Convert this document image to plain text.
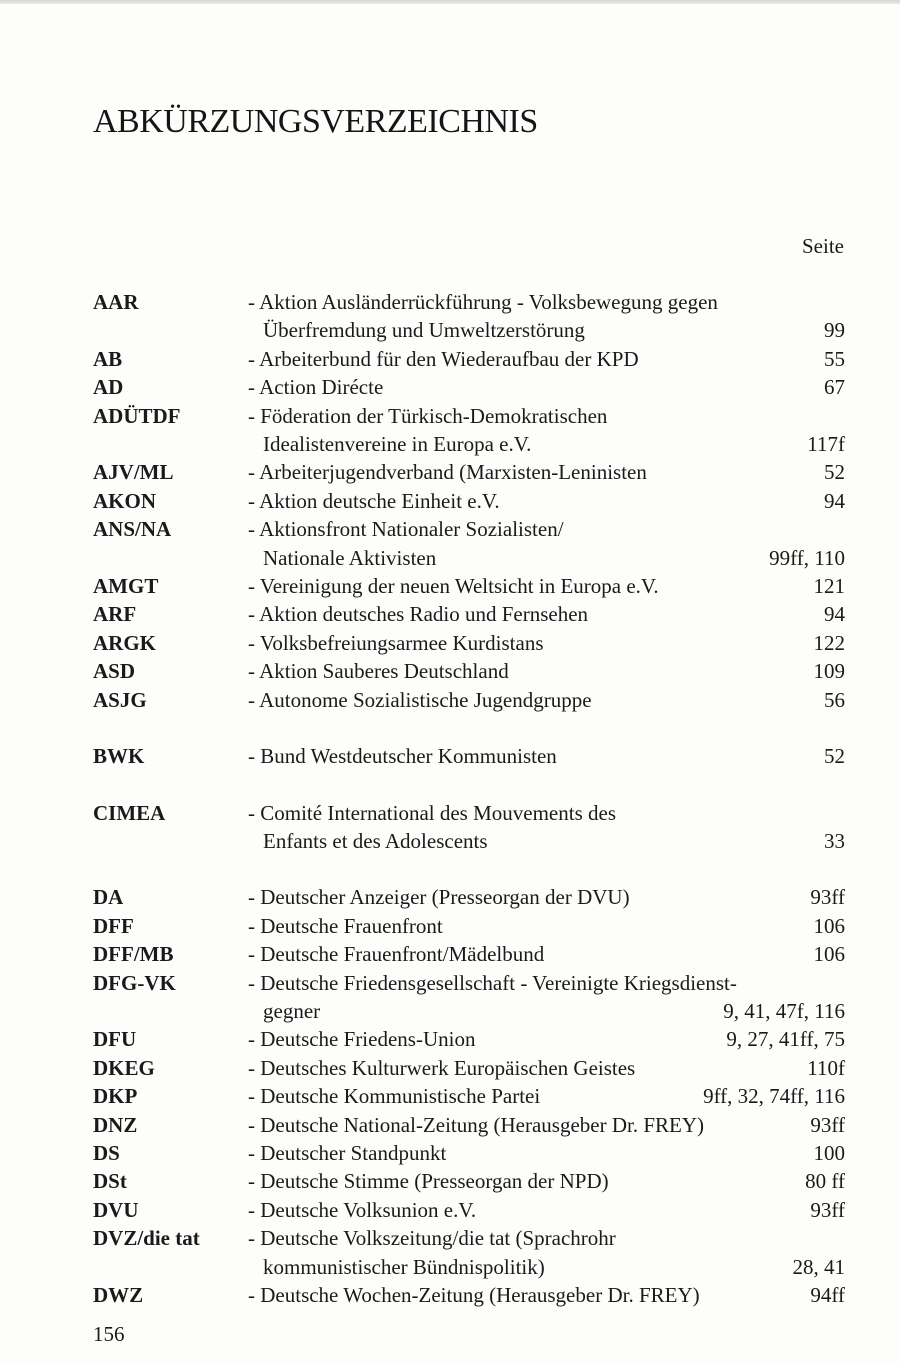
ABKÜRZUNGSVERZEICHNIS
Seite
AAR	- Aktion Ausländerrückführung - Volksbewegung gegen
Überfremdung und Umweltzerstörung	99
AB	- Arbeiterbund für den Wiederaufbau der KPD	55
AD	- Action Dirécte	67
ADÜTDF	- Föderation der Türkisch-Demokratischen
Idealistenvereine in Europa e.V.	117f
AJV/ML	- Arbeiterjugendverband (Marxisten-Leninisten	52
AKON	- Aktion deutsche Einheit e.V.	94
ANS/NA	- Aktionsfront Nationaler Sozialisten/
Nationale Aktivisten	99ff, 110
AMGT	- Vereinigung der neuen Weltsicht in Europa e.V.	121
ARF	- Aktion deutsches Radio und Fernsehen	94
ARGK	- Volksbefreiungsarmee Kurdistans	122
ASD	- Aktion Sauberes Deutschland	109
ASJG	- Autonome Sozialistische Jugendgruppe	56
BWK	- Bund Westdeutscher Kommunisten	52
CIMEA	- Comité International des Mouvements des
Enfants et des Adolescents	33
DA	- Deutscher Anzeiger (Presseorgan der DVU)	93ff
DFF	- Deutsche Frauenfront	106
DFF/MB	- Deutsche Frauenfront/Mädelbund	106
DFG-VK	- Deutsche Friedensgesellschaft - Vereinigte Kriegsdienst-
gegner	9, 41, 47f, 116
DFU	- Deutsche Friedens-Union	9, 27, 41ff, 75
DKEG	- Deutsches Kulturwerk Europäischen Geistes	110f
DKP	- Deutsche Kommunistische Partei	9ff, 32, 74ff, 116
DNZ	- Deutsche National-Zeitung (Herausgeber Dr. FREY)	93ff
DS	- Deutscher Standpunkt	100
DSt	- Deutsche Stimme (Presseorgan der NPD)	80 ff
DVU	- Deutsche Volksunion e.V.	93ff
DVZ/die tat	- Deutsche Volkszeitung/die tat (Sprachrohr
kommunistischer Bündnispolitik)	28, 41
DWZ	- Deutsche Wochen-Zeitung (Herausgeber Dr. FREY)	94ff
156
